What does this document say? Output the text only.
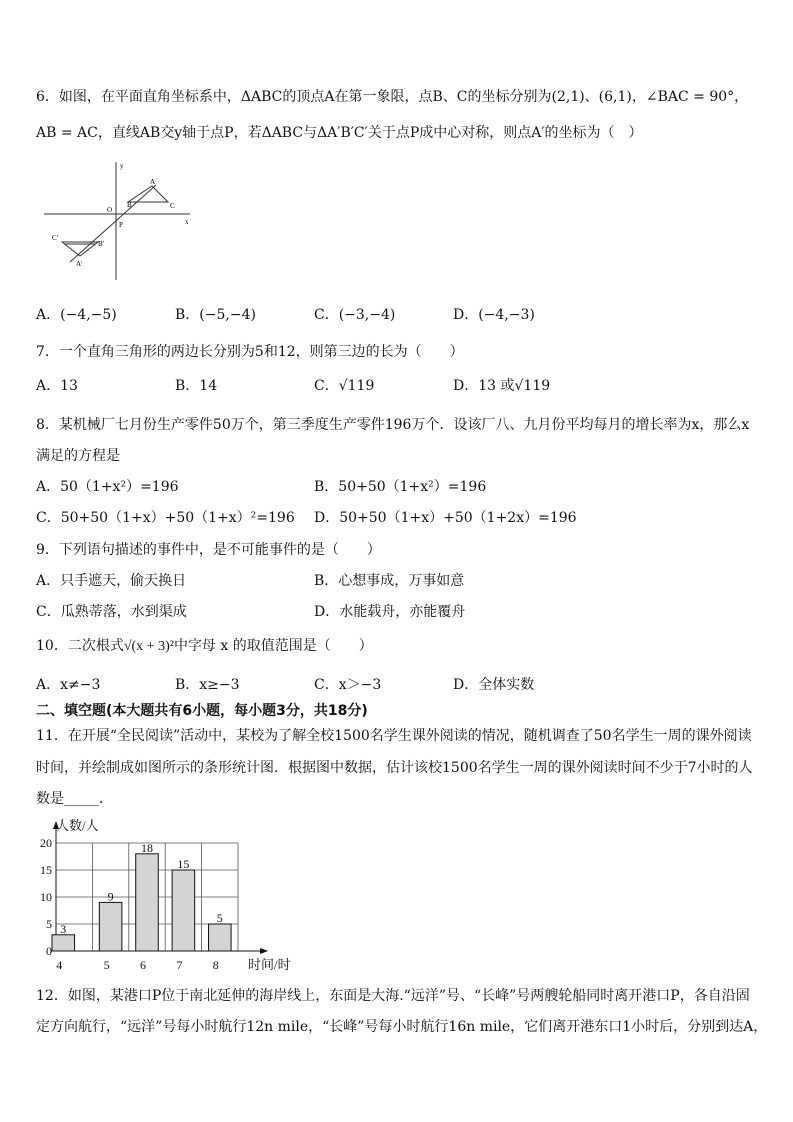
6．如图，在平面直角坐标系中，ΔABC的顶点A在第一象限，点B、C的坐标分别为(2,1)、(6,1)，∠BAC = 90°，
AB = AC，直线AB交y轴于点P，若ΔABC与ΔA′B′C′关于点P成中心对称，则点A′的坐标为（　）
y
x
O
A
B	C
P
A′
B′
C′
A．(−4,−5)	B．(−5,−4)	C．(−3,−4)	D．(−4,−3)
7．一个直角三角形的两边长分别为5和12，则第三边的长为（　　）
A．13	B．14	C．√119	D．13 或√119
8．某机械厂七月份生产零件50万个，第三季度生产零件196万个．设该厂八、九月份平均每月的增长率为x，那么x
满足的方程是
A．50（1+x²）=196	B．50+50（1+x²）=196
C．50+50（1+x）+50（1+x）²=196 D．50+50（1+x）+50（1+2x）=196
9．下列语句描述的事件中，是不可能事件的是（　　）
A．只手遮天，偷天换日	B．心想事成，万事如意
C．瓜熟蒂落，水到渠成	D．水能载舟，亦能覆舟
10．二次根式√(x + 3)²中字母 x 的取值范围是（　　）
A．x≠−3	B．x≥−3	C．x＞−3	D．全体实数
二、填空题(本大题共有6小题，每小题3分，共18分)
11．在开展“全民阅读”活动中，某校为了解全校1500名学生课外阅读的情况，随机调查了50名学生一周的课外阅读
时间，并绘制成如图所示的条形统计图．根据图中数据，估计该校1500名学生一周的课外阅读时间不少于7小时的人
数是_____．
0
5
10
15
20
3
4
9
5
18
6
15
7
5
8
人数/人
时间/时
12．如图，某港口P位于南北延伸的海岸线上，东面是大海.“远洋”号、“长峰”号两艘轮船同时离开港口P，各自沿固
定方向航行，“远洋”号每小时航行12n mile，“长峰”号每小时航行16n mile，它们离开港东口1小时后，分别到达A，
